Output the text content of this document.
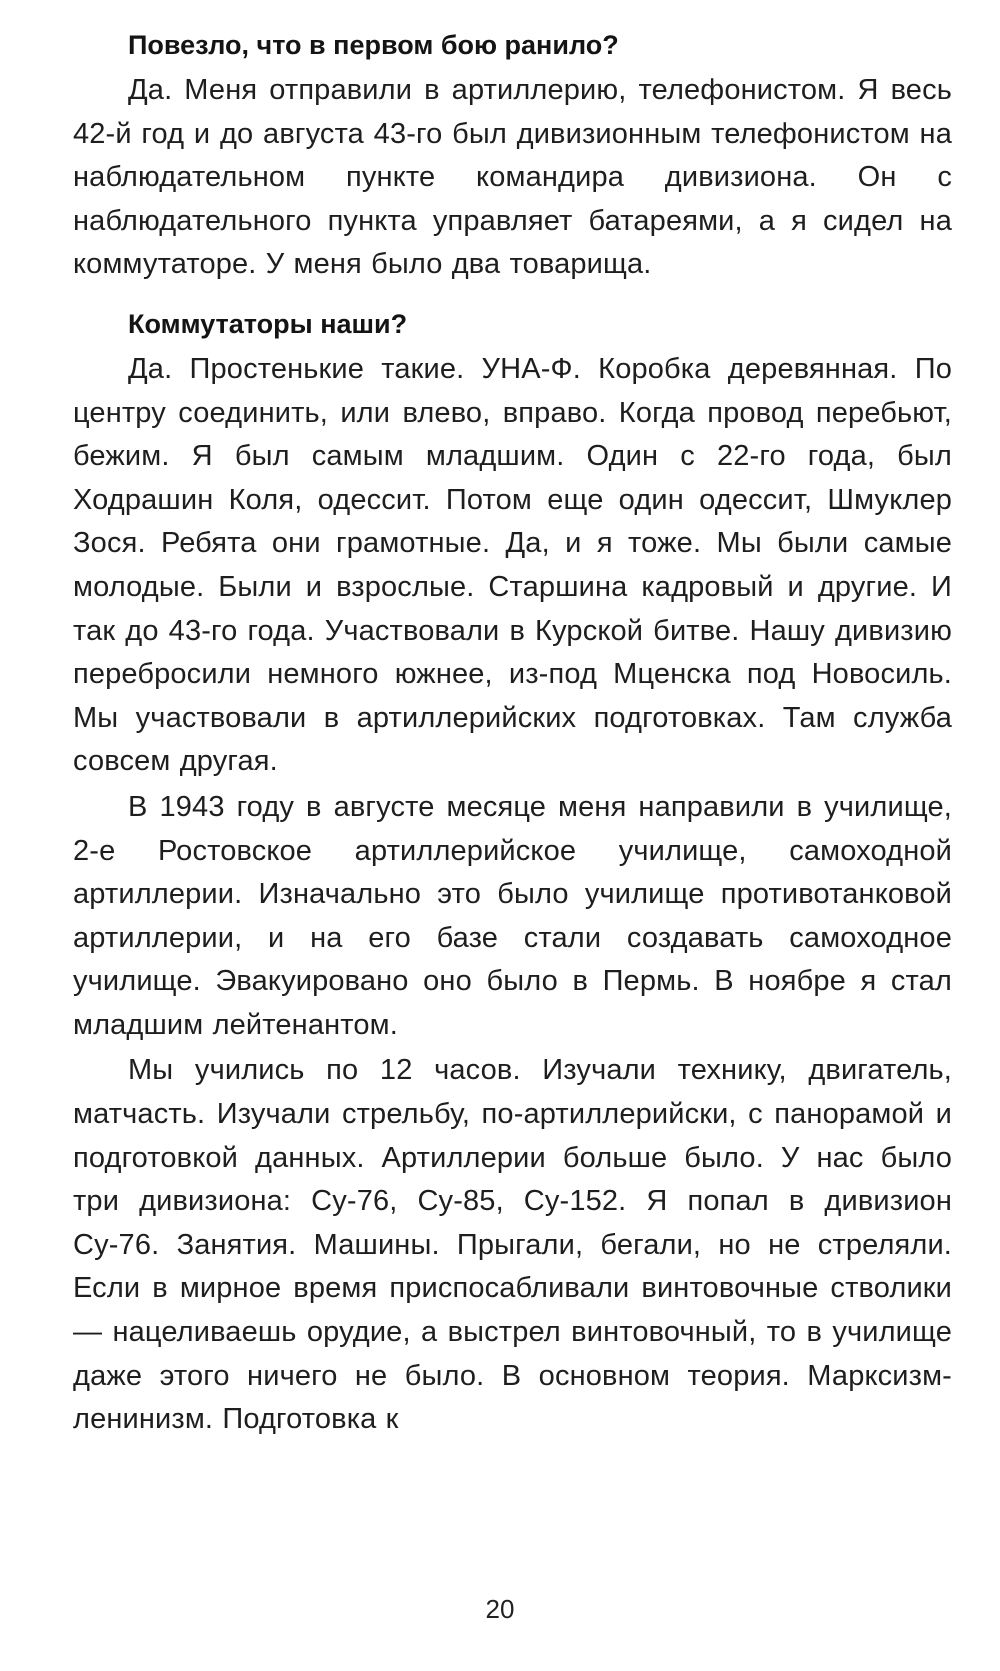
Повезло, что в первом бою ранило?

Да. Меня отправили в артиллерию, телефонистом. Я весь 42-й год и до августа 43-го был дивизионным телефонистом на наблюдательном пункте командира дивизиона. Он с наблюдательного пункта управляет батареями, а я сидел на коммутаторе. У меня было два товарища.

Коммутаторы наши?

Да. Простенькие такие. УНА-Ф. Коробка деревянная. По центру соединить, или влево, вправо. Когда провод перебьют, бежим. Я был самым младшим. Один с 22-го года, был Ходрашин Коля, одессит. Потом еще один одессит, Шмуклер Зося. Ребята они грамотные. Да, и я тоже. Мы были самые молодые. Были и взрослые. Старшина кадровый и другие. И так до 43-го года. Участвовали в Курской битве. Нашу дивизию перебросили немного южнее, из-под Мценска под Новосиль. Мы участвовали в артиллерийских подготовках. Там служба совсем другая.

В 1943 году в августе месяце меня направили в училище, 2-е Ростовское артиллерийское училище, самоходной артиллерии. Изначально это было училище противотанковой артиллерии, и на его базе стали создавать самоходное училище. Эвакуировано оно было в Пермь. В ноябре я стал младшим лейтенантом.

Мы учились по 12 часов. Изучали технику, двигатель, матчасть. Изучали стрельбу, по-артиллерийски, с панорамой и подготовкой данных. Артиллерии больше было. У нас было три дивизиона: Су-76, Су-85, Су-152. Я попал в дивизион Су-76. Занятия. Машины. Прыгали, бегали, но не стреляли. Если в мирное время приспосабливали винтовочные стволики — нацеливаешь орудие, а выстрел винтовочный, то в училище даже этого ничего не было. В основном теория. Марксизм-ленинизм. Подготовка к

20
